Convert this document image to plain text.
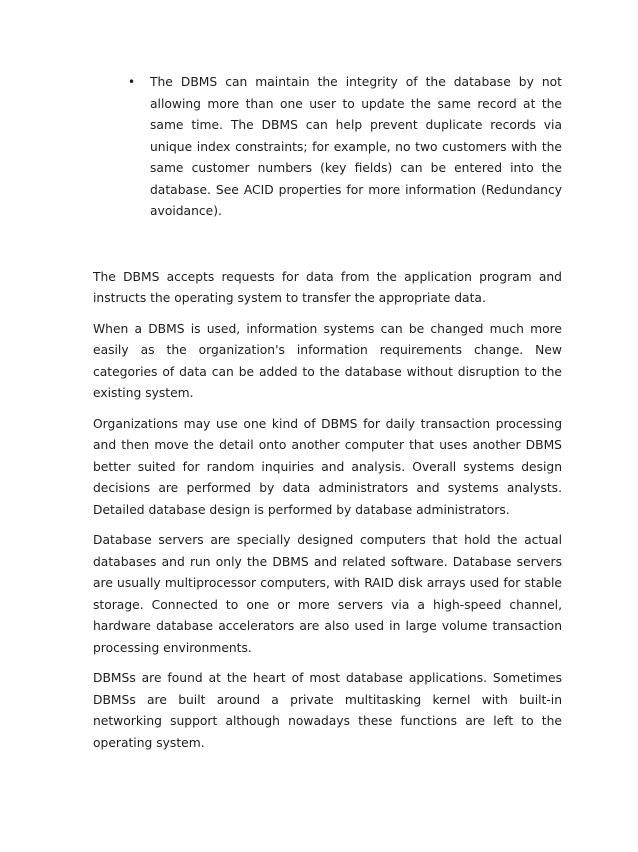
• The DBMS can maintain the integrity of the database by not allowing more than one user to update the same record at the same time. The DBMS can help prevent duplicate records via unique index constraints; for example, no two customers with the same customer numbers (key fields) can be entered into the database. See ACID properties for more information (Redundancy avoidance).

The DBMS accepts requests for data from the application program and instructs the operating system to transfer the appropriate data.

When a DBMS is used, information systems can be changed much more easily as the organization's information requirements change. New categories of data can be added to the database without disruption to the existing system.

Organizations may use one kind of DBMS for daily transaction processing and then move the detail onto another computer that uses another DBMS better suited for random inquiries and analysis. Overall systems design decisions are performed by data administrators and systems analysts. Detailed database design is performed by database administrators.

Database servers are specially designed computers that hold the actual databases and run only the DBMS and related software. Database servers are usually multiprocessor computers, with RAID disk arrays used for stable storage. Connected to one or more servers via a high-speed channel, hardware database accelerators are also used in large volume transaction processing environments.

DBMSs are found at the heart of most database applications. Sometimes DBMSs are built around a private multitasking kernel with built-in networking support although nowadays these functions are left to the operating system.
